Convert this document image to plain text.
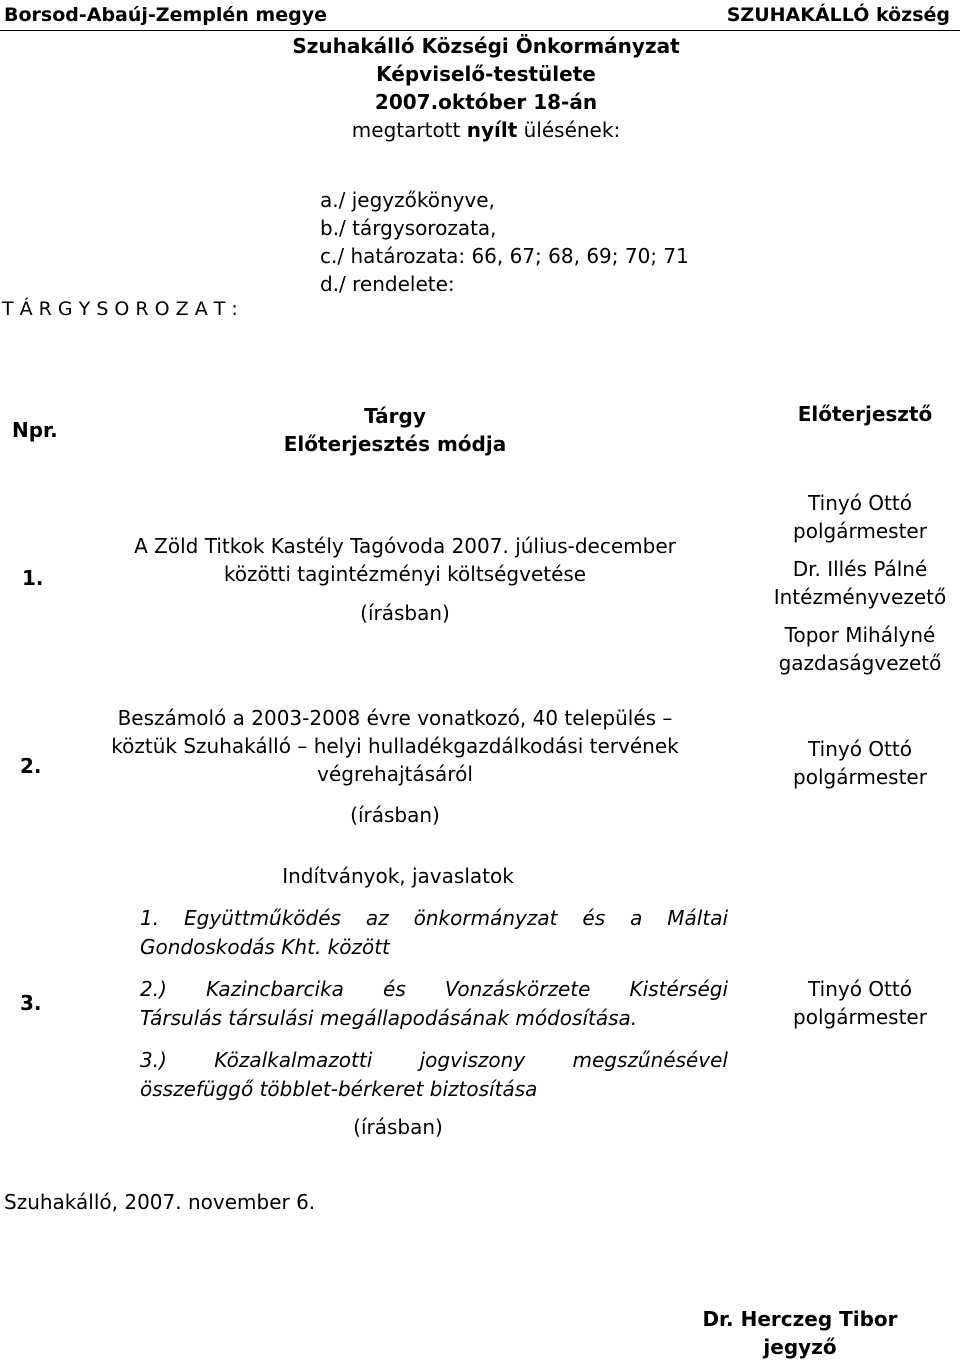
Borsod-Abaúj-Zemplén megye	SZUHAKÁLLÓ község
Szuhakálló Községi Önkormányzat
Képviselő-testülete
2007.október 18-án
megtartott nyílt ülésének:
a./ jegyzőkönyve,
b./ tárgysorozata,
c./ határozata: 66, 67; 68, 69; 70; 71
d./ rendelete:
T Á R G Y S O R O Z A T :
Npr.
Tárgy
Előterjesztés módja
Előterjesztő
1.
A Zöld Titkok Kastély Tagóvoda 2007. július-december
közötti tagintézményi költségvetése
(írásban)
Tinyó Ottó
polgármester
Dr. Illés Pálné
Intézményvezető
Topor Mihályné
gazdaságvezető
2.
Beszámoló a 2003-2008 évre vonatkozó, 40 település –
köztük Szuhakálló – helyi hulladékgazdálkodási tervének
végrehajtásáról
(írásban)
Tinyó Ottó
polgármester
3.
Indítványok, javaslatok
1. Együttműködés az önkormányzat és a Máltai
Gondoskodás Kht. között
2.) Kazincbarcika és Vonzáskörzete Kistérségi
Társulás társulási megállapodásának módosítása.
3.) Közalkalmazotti jogviszony megszűnésével
összefüggő többlet-bérkeret biztosítása
(írásban)
Tinyó Ottó
polgármester
Szuhakálló, 2007. november 6.
Dr. Herczeg Tibor
jegyző
